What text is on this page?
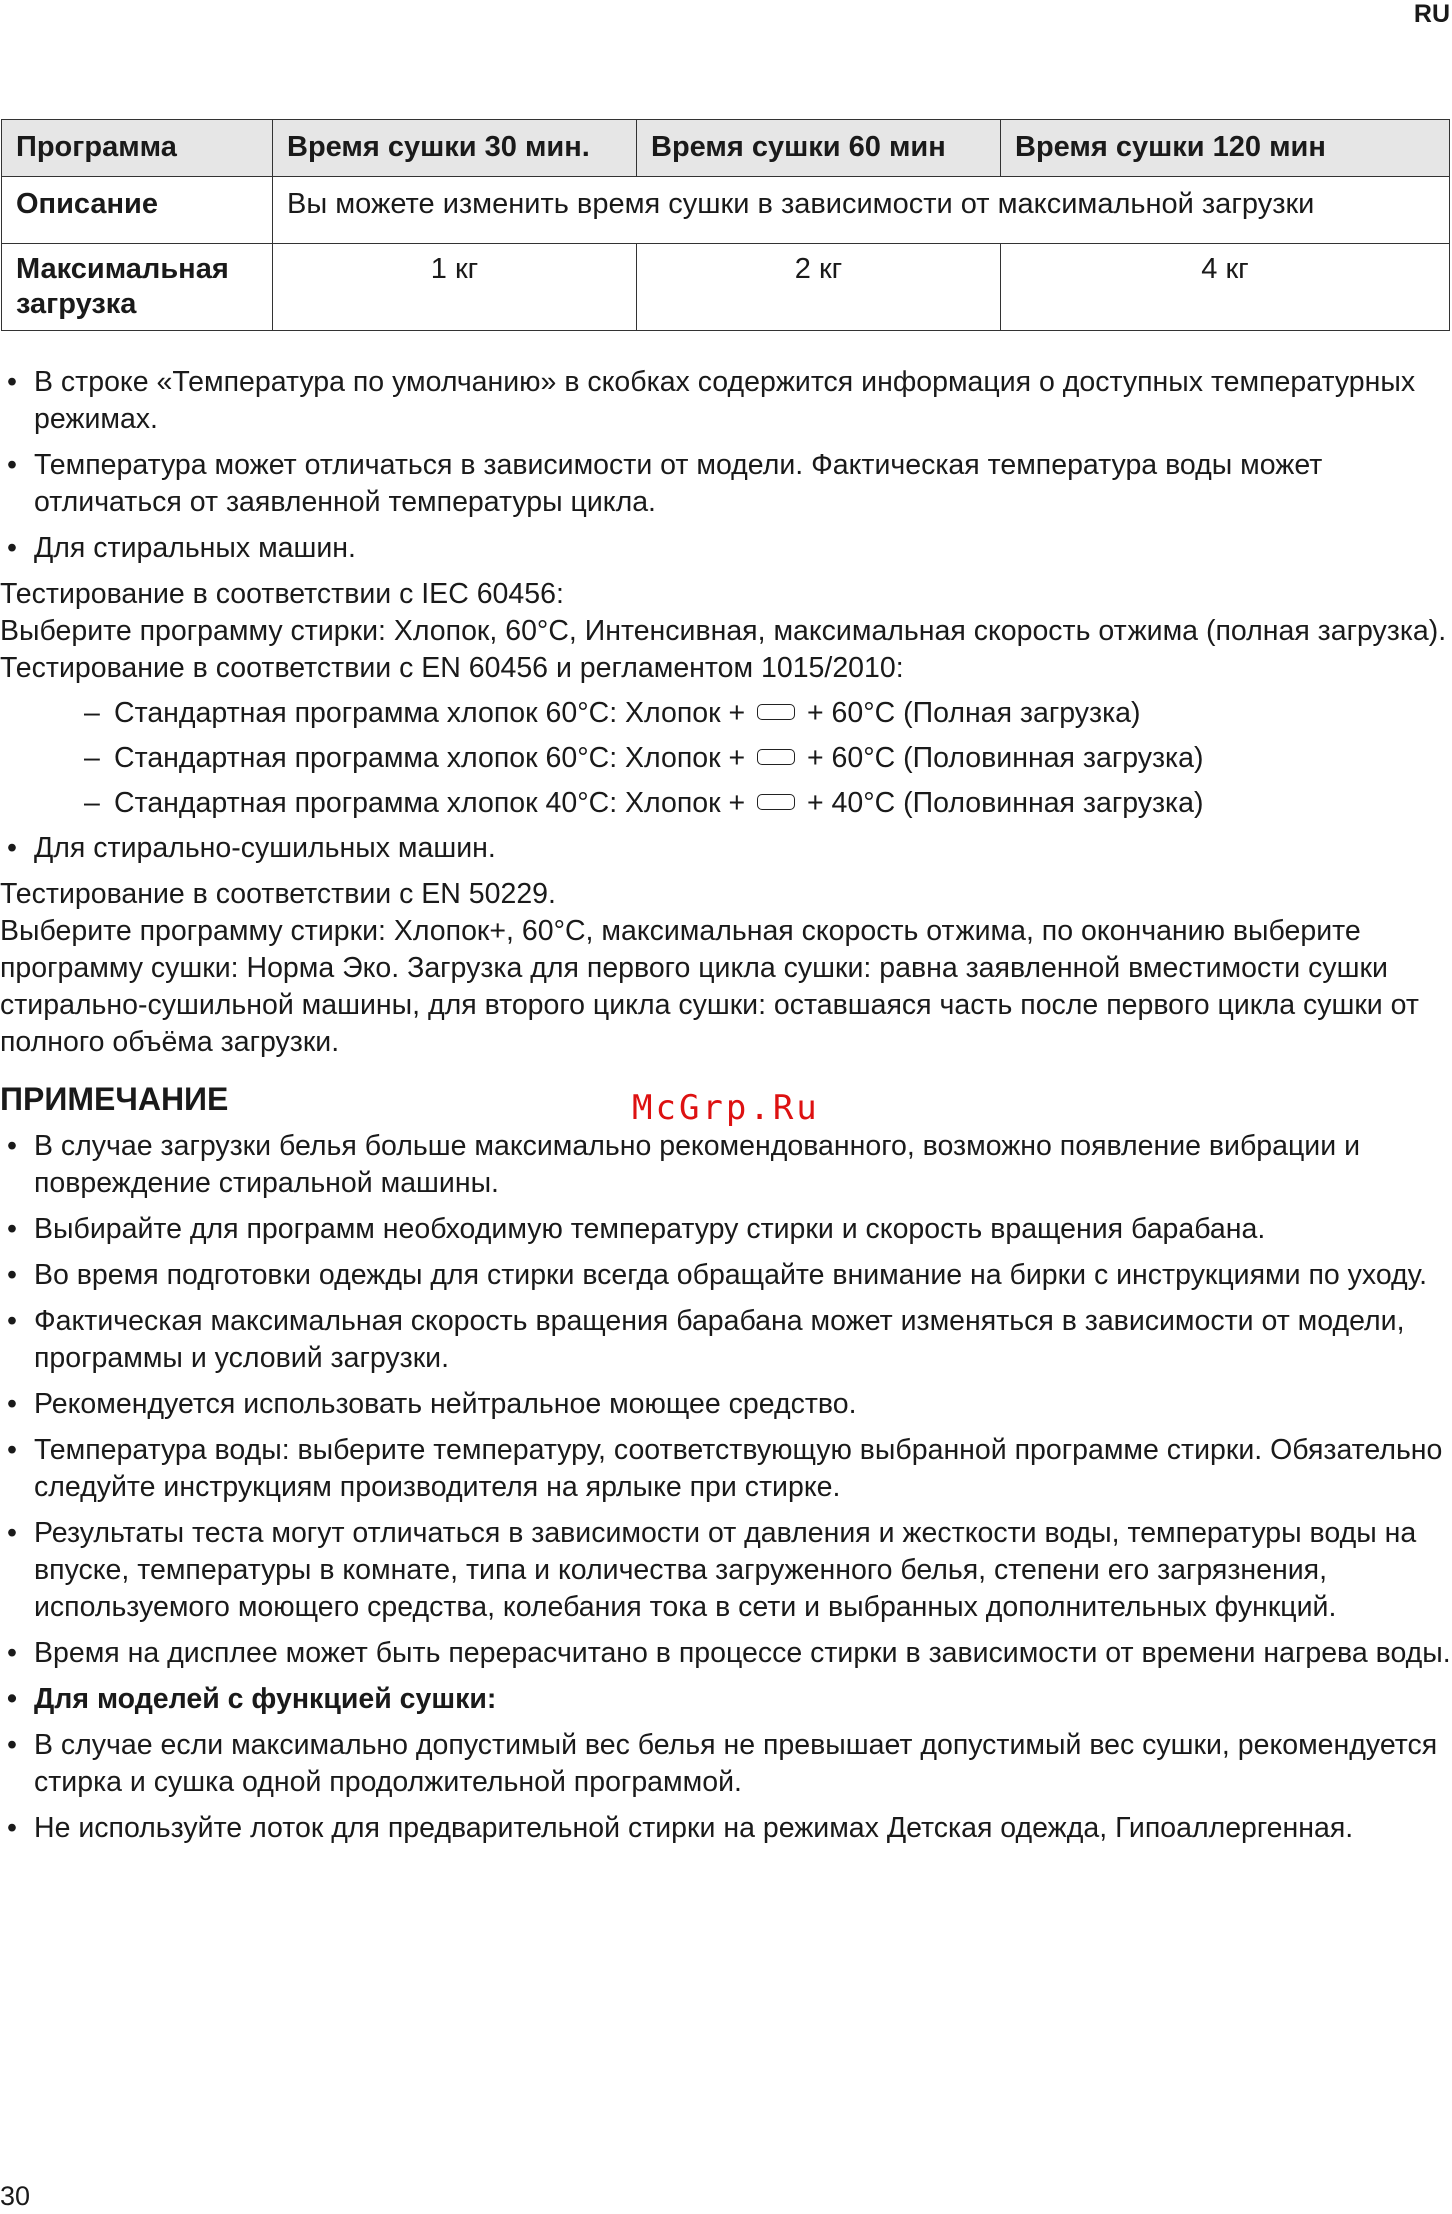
RU
Программа	Время сушки 30 мин.	Время сушки 60 мин	Время сушки 120 мин
Описание	Вы можете изменить время сушки в зависимости от максимальной загрузки		
Максимальная загрузка	1 кг	2 кг	4 кг
• В строке «Температура по умолчанию» в скобках содержится информация о доступных температурных режимах.
• Температура может отличаться в зависимости от модели. Фактическая температура воды может отличаться от заявленной температуры цикла.
• Для стиральных машин.

Тестирование в соответствии с IEC 60456:

Выберите программу стирки: Хлопок, 60°C, Интенсивная, максимальная скорость отжима (полная загрузка).

Тестирование в соответствии с EN 60456 и регламентом 1015/2010:

– Стандартная программа хлопок 60°C: Хлопок + + 60°C (Полная загрузка)
– Стандартная программа хлопок 60°C: Хлопок + + 60°C (Половинная загрузка)
– Стандартная программа хлопок 40°C: Хлопок + + 40°C (Половинная загрузка)
• Для стирально-сушильных машин.

Тестирование в соответствии с EN 50229.

Выберите программу стирки: Хлопок+, 60°C, максимальная скорость отжима, по окончанию выберите программу сушки: Норма Эко. Загрузка для первого цикла сушки: равна заявленной вместимости сушки стирально-сушильной машины, для второго цикла сушки: оставшаяся часть после первого цикла сушки от полного объёма загрузки.

ПРИМЕЧАНИЕ
• В случае загрузки белья больше максимально рекомендованного, возможно появление вибрации и повреждение стиральной машины.
• Выбирайте для программ необходимую температуру стирки и скорость вращения барабана.
• Во время подготовки одежды для стирки всегда обращайте внимание на бирки с инструкциями по уходу.
• Фактическая максимальная скорость вращения барабана может изменяться в зависимости от модели, программы и условий загрузки.
• Рекомендуется использовать нейтральное моющее средство.
• Температура воды: выберите температуру, соответствующую выбранной программе стирки. Обязательно следуйте инструкциям производителя на ярлыке при стирке.
• Результаты теста могут отличаться в зависимости от давления и жесткости воды, температуры воды на впуске, температуры в комнате, типа и количества загруженного белья, степени его загрязнения, используемого моющего средства, колебания тока в сети и выбранных дополнительных функций.
• Время на дисплее может быть перерасчитано в процессе стирки в зависимости от времени нагрева воды.
• Для моделей с функцией сушки:
• В случае если максимально допустимый вес белья не превышает допустимый вес сушки, рекомендуется стирка и сушка одной продолжительной программой.
• Не используйте лоток для предварительной стирки на режимах Детская одежда, Гипоаллергенная.
McGrp.Ru
30
